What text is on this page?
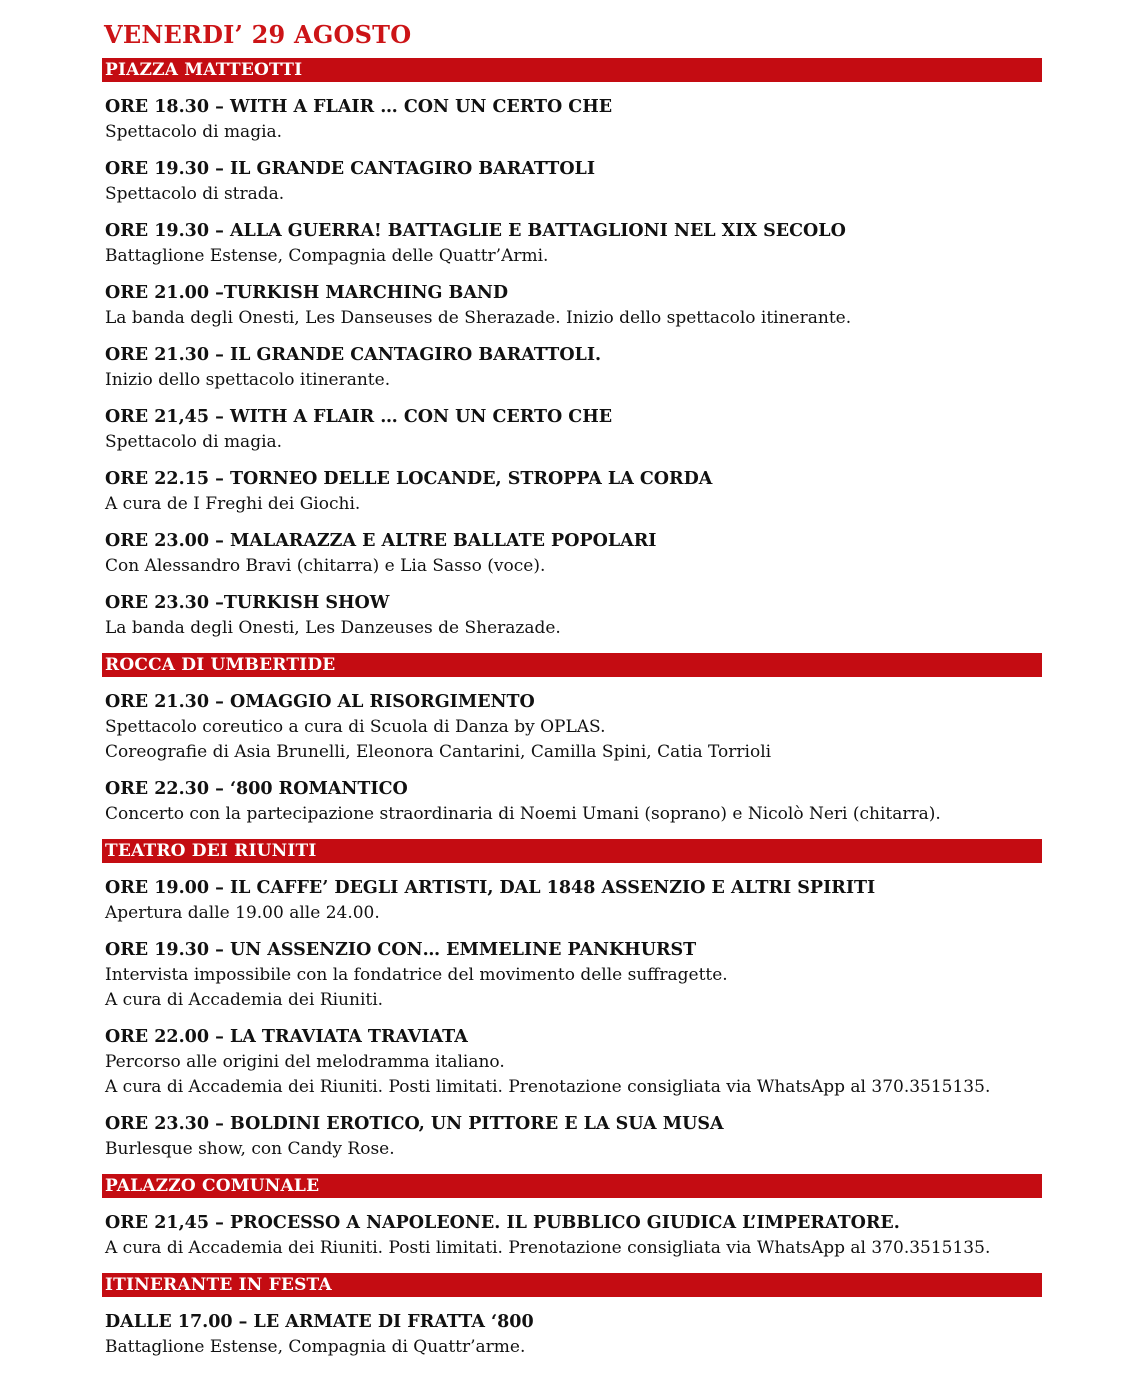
VENERDI’ 29 AGOSTO
PIAZZA MATTEOTTI
ORE 18.30 – WITH A FLAIR … CON UN CERTO CHE
Spettacolo di magia.
ORE 19.30 – IL GRANDE CANTAGIRO BARATTOLI
Spettacolo di strada.
ORE 19.30 – ALLA GUERRA! BATTAGLIE E BATTAGLIONI NEL XIX SECOLO
Battaglione Estense, Compagnia delle Quattr’Armi.
ORE 21.00 –TURKISH MARCHING BAND
La banda degli Onesti, Les Danseuses de Sherazade. Inizio dello spettacolo itinerante.
ORE 21.30 – IL GRANDE CANTAGIRO BARATTOLI.
Inizio dello spettacolo itinerante.
ORE 21,45 – WITH A FLAIR … CON UN CERTO CHE
Spettacolo di magia.
ORE 22.15 – TORNEO DELLE LOCANDE, STROPPA LA CORDA
A cura de I Freghi dei Giochi.
ORE 23.00 – MALARAZZA E ALTRE BALLATE POPOLARI
Con Alessandro Bravi (chitarra) e Lia Sasso (voce).
ORE 23.30 –TURKISH SHOW
La banda degli Onesti, Les Danzeuses de Sherazade.
ROCCA DI UMBERTIDE
ORE 21.30 – OMAGGIO AL RISORGIMENTO
Spettacolo coreutico a cura di Scuola di Danza by OPLAS.
Coreografie di Asia Brunelli, Eleonora Cantarini, Camilla Spini, Catia Torrioli
ORE 22.30 – ‘800 ROMANTICO
Concerto con la partecipazione straordinaria di Noemi Umani (soprano) e Nicolò Neri (chitarra).
TEATRO DEI RIUNITI
ORE 19.00 – IL CAFFE’ DEGLI ARTISTI, DAL 1848 ASSENZIO E ALTRI SPIRITI
Apertura dalle 19.00 alle 24.00.
ORE 19.30 – UN ASSENZIO CON… EMMELINE PANKHURST
Intervista impossibile con la fondatrice del movimento delle suffragette.
A cura di Accademia dei Riuniti.
ORE 22.00 – LA TRAVIATA TRAVIATA
Percorso alle origini del melodramma italiano.
A cura di Accademia dei Riuniti. Posti limitati. Prenotazione consigliata via WhatsApp al 370.3515135.
ORE 23.30 – BOLDINI EROTICO, UN PITTORE E LA SUA MUSA
Burlesque show, con Candy Rose.
PALAZZO COMUNALE
ORE 21,45 – PROCESSO A NAPOLEONE. IL PUBBLICO GIUDICA L’IMPERATORE.
A cura di Accademia dei Riuniti. Posti limitati. Prenotazione consigliata via WhatsApp al 370.3515135.
ITINERANTE IN FESTA
DALLE 17.00 – LE ARMATE DI FRATTA ‘800
Battaglione Estense, Compagnia di Quattr’arme.
